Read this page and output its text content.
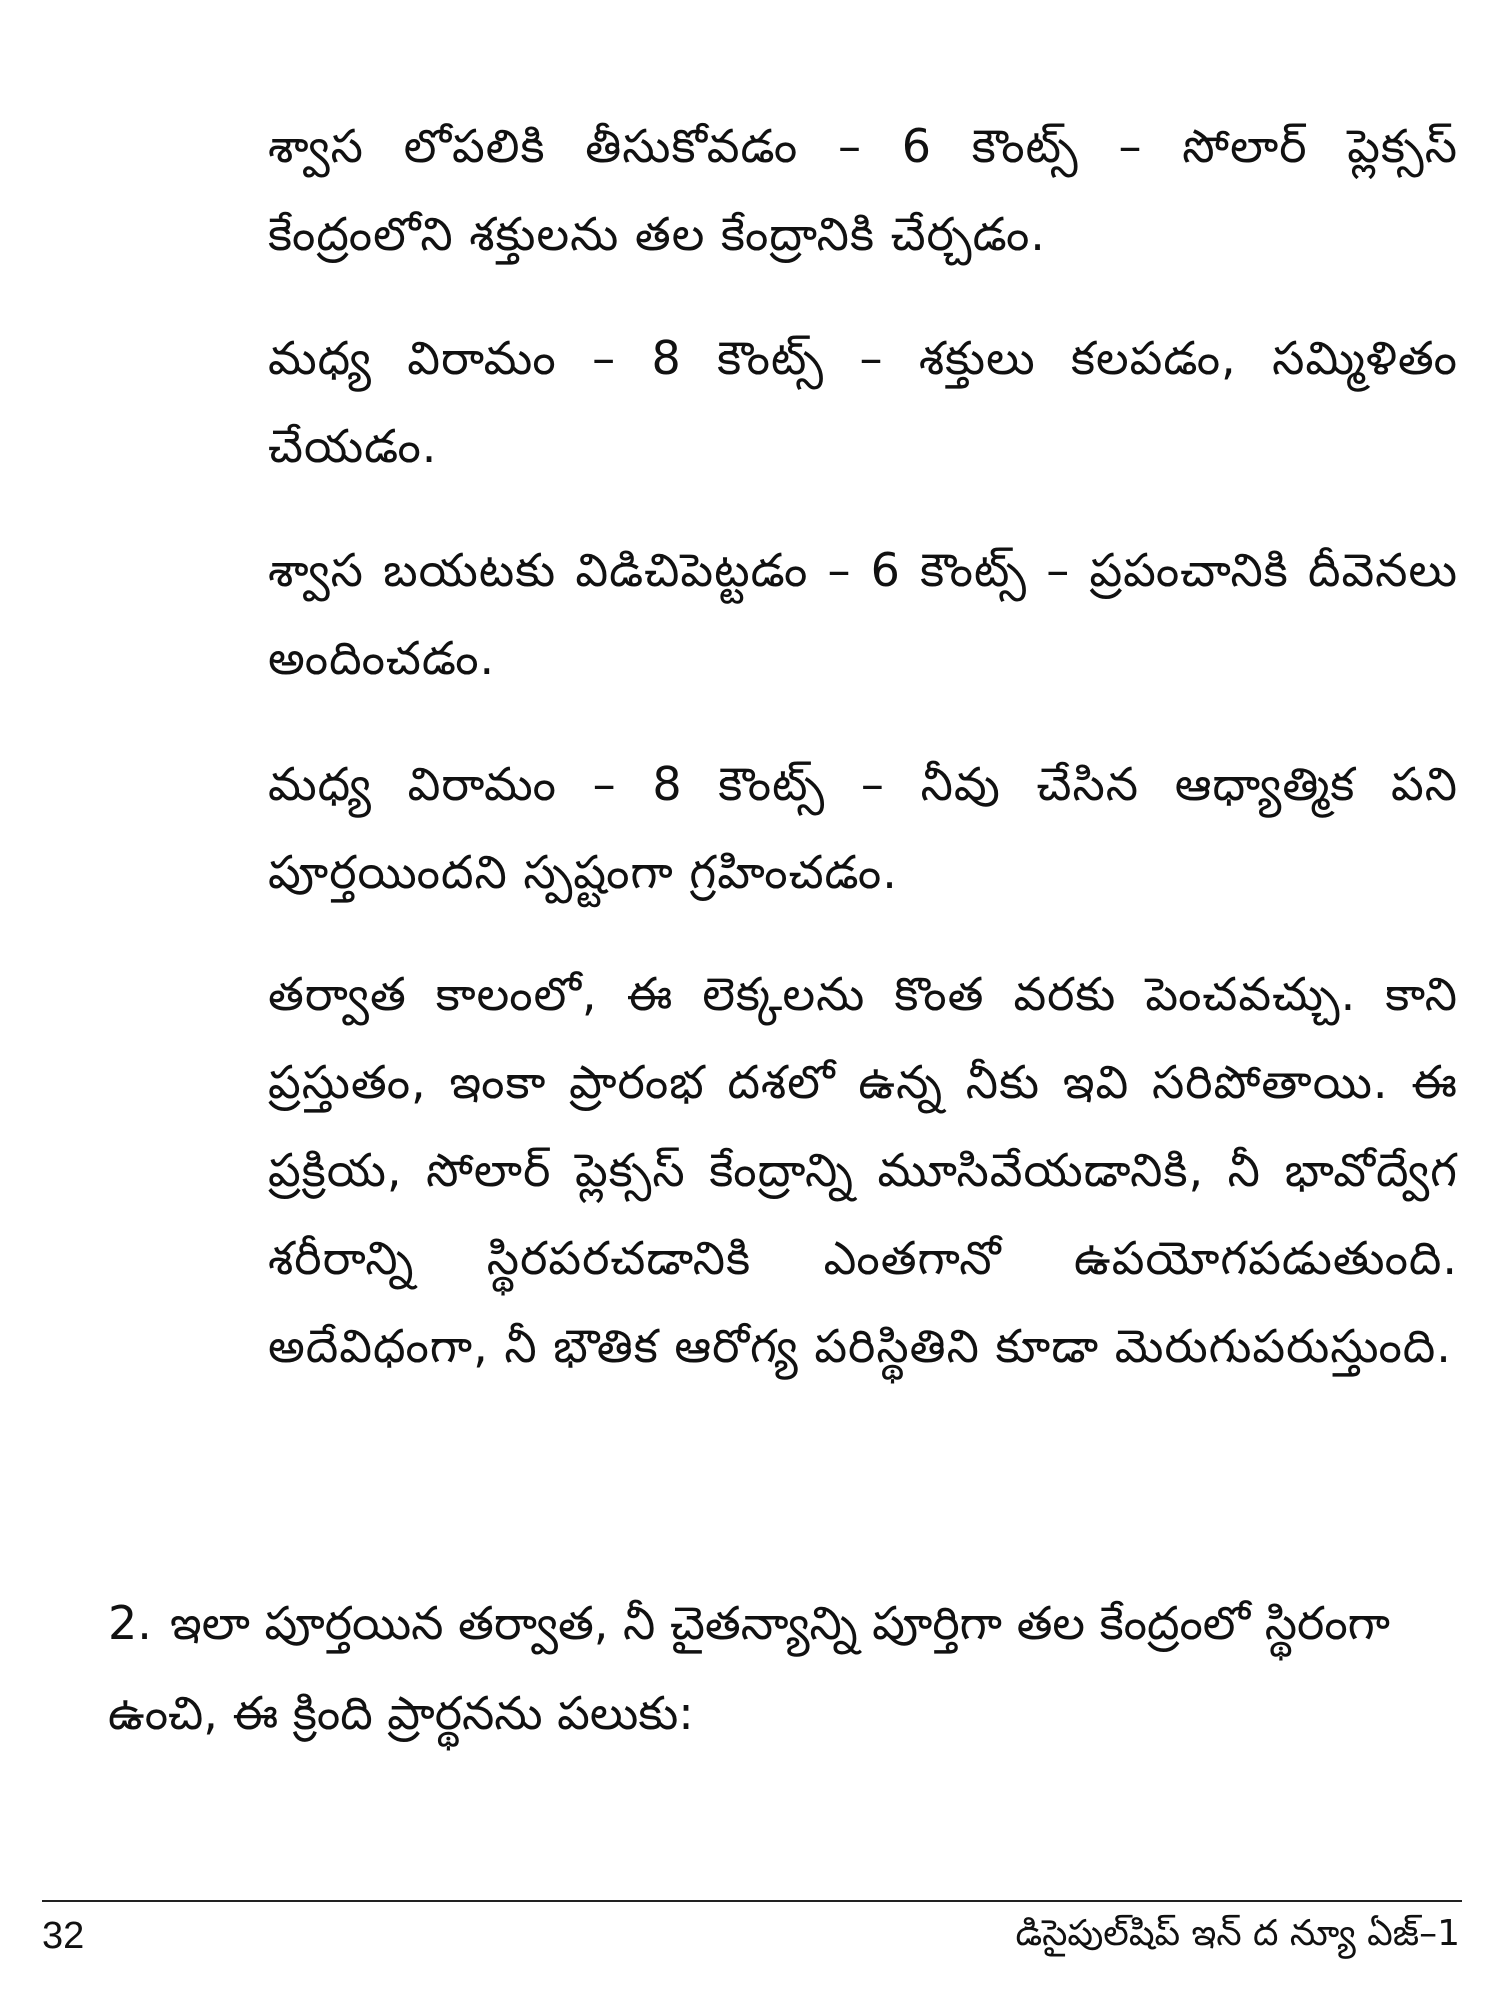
శ్వాస లోపలికి తీసుకోవడం – 6 కౌంట్స్ – సోలార్ ప్లెక్సస్ కేంద్రంలోని శక్తులను తల కేంద్రానికి చేర్చడం.

మధ్య విరామం – 8 కౌంట్స్ – శక్తులు కలపడం, సమ్మిళితం చేయడం.

శ్వాస బయటకు విడిచిపెట్టడం – 6 కౌంట్స్ – ప్రపంచానికి దీవెనలు అందించడం.

మధ్య విరామం – 8 కౌంట్స్ – నీవు చేసిన ఆధ్యాత్మిక పని పూర్తయిందని స్పష్టంగా గ్రహించడం.

తర్వాత కాలంలో, ఈ లెక్కలను కొంత వరకు పెంచవచ్చు. కాని ప్రస్తుతం, ఇంకా ప్రారంభ దశలో ఉన్న నీకు ఇవి సరిపోతాయి. ఈ ప్రక్రియ, సోలార్ ప్లెక్సస్ కేంద్రాన్ని మూసివేయడానికి, నీ భావోద్వేగ శరీరాన్ని స్థిరపరచడానికి ఎంతగానో ఉపయోగపడుతుంది. అదేవిధంగా, నీ భౌతిక ఆరోగ్య పరిస్థితిని కూడా మెరుగుపరుస్తుంది.

2. ఇలా పూర్తయిన తర్వాత, నీ చైతన్యాన్ని పూర్తిగా తల కేంద్రంలో స్థిరంగా ఉంచి, ఈ క్రింది ప్రార్థనను పలుకు:
32	డిసైపుల్‌షిప్ ఇన్ ద న్యూ ఏజ్–1
